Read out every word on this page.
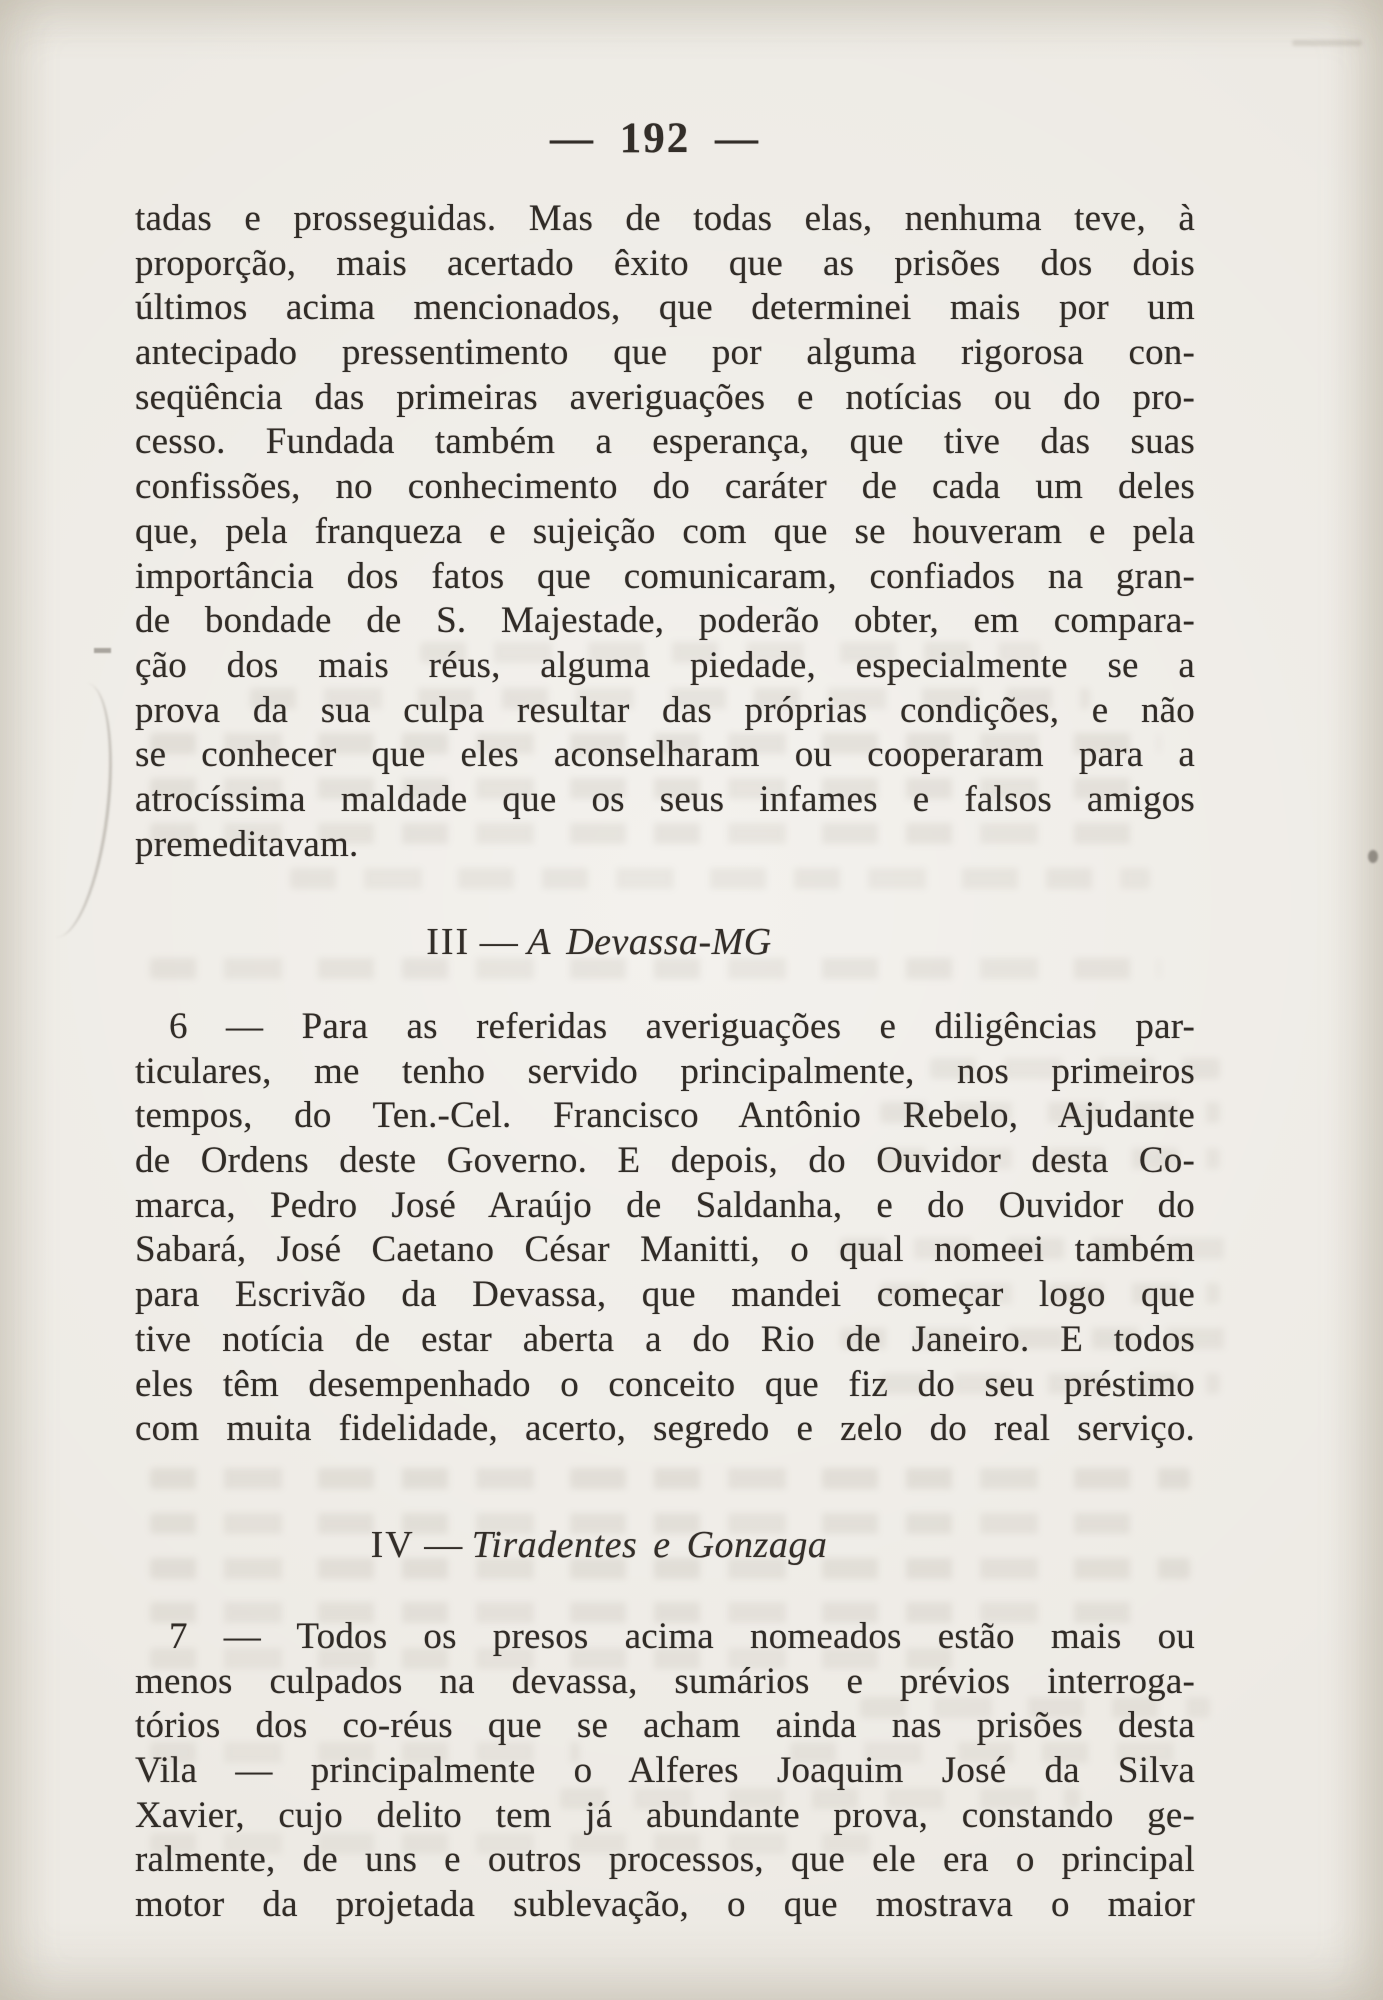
— 192 —
tadas e prosseguidas. Mas de todas elas, nenhuma teve, à
proporção, mais acertado êxito que as prisões dos dois
últimos acima mencionados, que determinei mais por um
antecipado pressentimento que por alguma rigorosa con-
seqüência das primeiras averiguações e notícias ou do pro-
cesso. Fundada também a esperança, que tive das suas
confissões, no conhecimento do caráter de cada um deles
que, pela franqueza e sujeição com que se houveram e pela
importância dos fatos que comunicaram, confiados na gran-
de bondade de S. Majestade, poderão obter, em compara-
ção dos mais réus, alguma piedade, especialmente se a
prova da sua culpa resultar das próprias condições, e não
se conhecer que eles aconselharam ou cooperaram para a
atrocíssima maldade que os seus infames e falsos amigos
premeditavam.
III — A Devassa-MG
6 — Para as referidas averiguações e diligências par-
ticulares, me tenho servido principalmente, nos primeiros
tempos, do Ten.-Cel. Francisco Antônio Rebelo, Ajudante
de Ordens deste Governo. E depois, do Ouvidor desta Co-
marca, Pedro José Araújo de Saldanha, e do Ouvidor do
Sabará, José Caetano César Manitti, o qual nomeei também
para Escrivão da Devassa, que mandei começar logo que
tive notícia de estar aberta a do Rio de Janeiro. E todos
eles têm desempenhado o conceito que fiz do seu préstimo
com muita fidelidade, acerto, segredo e zelo do real serviço.
IV — Tiradentes e Gonzaga
7 — Todos os presos acima nomeados estão mais ou
menos culpados na devassa, sumários e prévios interroga-
tórios dos co-réus que se acham ainda nas prisões desta
Vila — principalmente o Alferes Joaquim José da Silva
Xavier, cujo delito tem já abundante prova, constando ge-
ralmente, de uns e outros processos, que ele era o principal
motor da projetada sublevação, o que mostrava o maior
